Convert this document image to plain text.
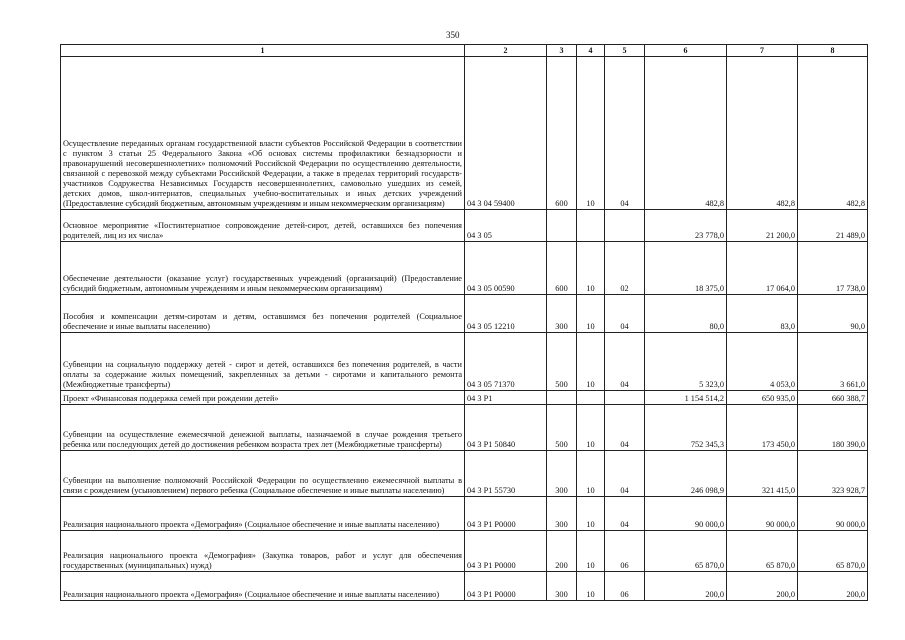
350
1	2	3	4	5	6	7	8
Осуществление переданных органам государственной власти субъектов Российской Федерации в соответствии с пунктом 3 статьи 25 Федерального Закона «Об основах системы профилактики безнадзорности и правонарушений несовершеннолетних» полномочий Российской Федерации по осуществлению деятельности, связанной с перевозкой между субъектами Российской Федерации, а также в пределах территорий государств-участников Содружества Независимых Государств несовершеннолетних, самовольно ушедших из семей, детских домов, школ-интернатов, специальных учебно-воспитательных и иных детских учреждений (Предоставление субсидий бюджетным, автономным учреждениям и иным некоммерческим организациям)	04 3 04 59400	600	10	04	482,8	482,8	482,8
Основное мероприятие «Постинтернатное сопровождение детей-сирот, детей, оставшихся без попечения родителей, лиц из их числа»	04 3 05				23 778,0	21 200,0	21 489,0
Обеспечение деятельности (оказание услуг) государственных учреждений (организаций) (Предоставление субсидий бюджетным, автономным учреждениям и иным некоммерческим организациям)	04 3 05 00590	600	10	02	18 375,0	17 064,0	17 738,0
Пособия и компенсации детям-сиротам и детям, оставшимся без попечения родителей (Социальное обеспечение и иные выплаты населению)	04 3 05 12210	300	10	04	80,0	83,0	90,0
Субвенции на социальную поддержку детей - сирот и детей, оставшихся без попечения родителей, в части оплаты за содержание жилых помещений, закрепленных за детьми - сиротами и капитального ремонта (Межбюджетные трансферты)	04 3 05 71370	500	10	04	5 323,0	4 053,0	3 661,0
Проект «Финансовая поддержка семей при рождении детей»	04 3 P1				1 154 514,2	650 935,0	660 388,7
Субвенции на осуществление ежемесячной денежной выплаты, назначаемой в случае рождения третьего ребенка или последующих детей до достижения ребенком возраста трех лет (Межбюджетные трансферты)	04 3 P1 50840	500	10	04	752 345,3	173 450,0	180 390,0
Субвенции на выполнение полномочий Российской Федерации по осуществлению ежемесячной выплаты в связи с рождением (усыновлением) первого ребенка (Социальное обеспечение и иные выплаты населению)	04 3 P1 55730	300	10	04	246 098,9	321 415,0	323 928,7
Реализация национального проекта «Демография» (Социальное обеспечение и иные выплаты населению)	04 3 P1 P0000	300	10	04	90 000,0	90 000,0	90 000,0
Реализация национального проекта «Демография» (Закупка товаров, работ и услуг для обеспечения государственных (муниципальных) нужд)	04 3 P1 P0000	200	10	06	65 870,0	65 870,0	65 870,0
Реализация национального проекта «Демография» (Социальное обеспечение и иные выплаты населению)	04 3 P1 P0000	300	10	06	200,0	200,0	200,0
